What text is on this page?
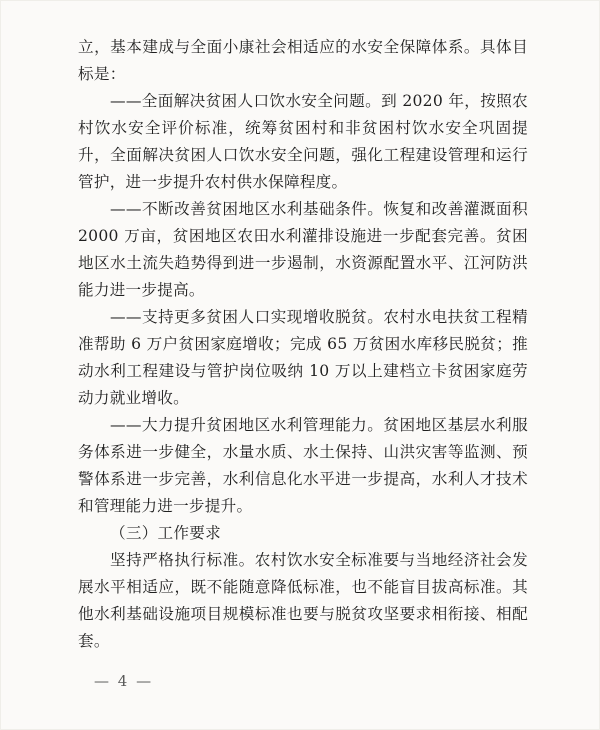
立，基本建成与全面小康社会相适应的水安全保障体系。具体目标是：

——全面解决贫困人口饮水安全问题。到 2020 年，按照农村饮水安全评价标准，统筹贫困村和非贫困村饮水安全巩固提升，全面解决贫困人口饮水安全问题，强化工程建设管理和运行管护，进一步提升农村供水保障程度。

——不断改善贫困地区水利基础条件。恢复和改善灌溉面积 2000 万亩，贫困地区农田水利灌排设施进一步配套完善。贫困地区水土流失趋势得到进一步遏制，水资源配置水平、江河防洪能力进一步提高。

——支持更多贫困人口实现增收脱贫。农村水电扶贫工程精准帮助 6 万户贫困家庭增收；完成 65 万贫困水库移民脱贫；推动水利工程建设与管护岗位吸纳 10 万以上建档立卡贫困家庭劳动力就业增收。

——大力提升贫困地区水利管理能力。贫困地区基层水利服务体系进一步健全，水量水质、水土保持、山洪灾害等监测、预警体系进一步完善，水利信息化水平进一步提高，水利人才技术和管理能力进一步提升。

（三）工作要求

坚持严格执行标准。农村饮水安全标准要与当地经济社会发展水平相适应，既不能随意降低标准，也不能盲目拔高标准。其他水利基础设施项目规模标准也要与脱贫攻坚要求相衔接、相配套。

— 4 —
